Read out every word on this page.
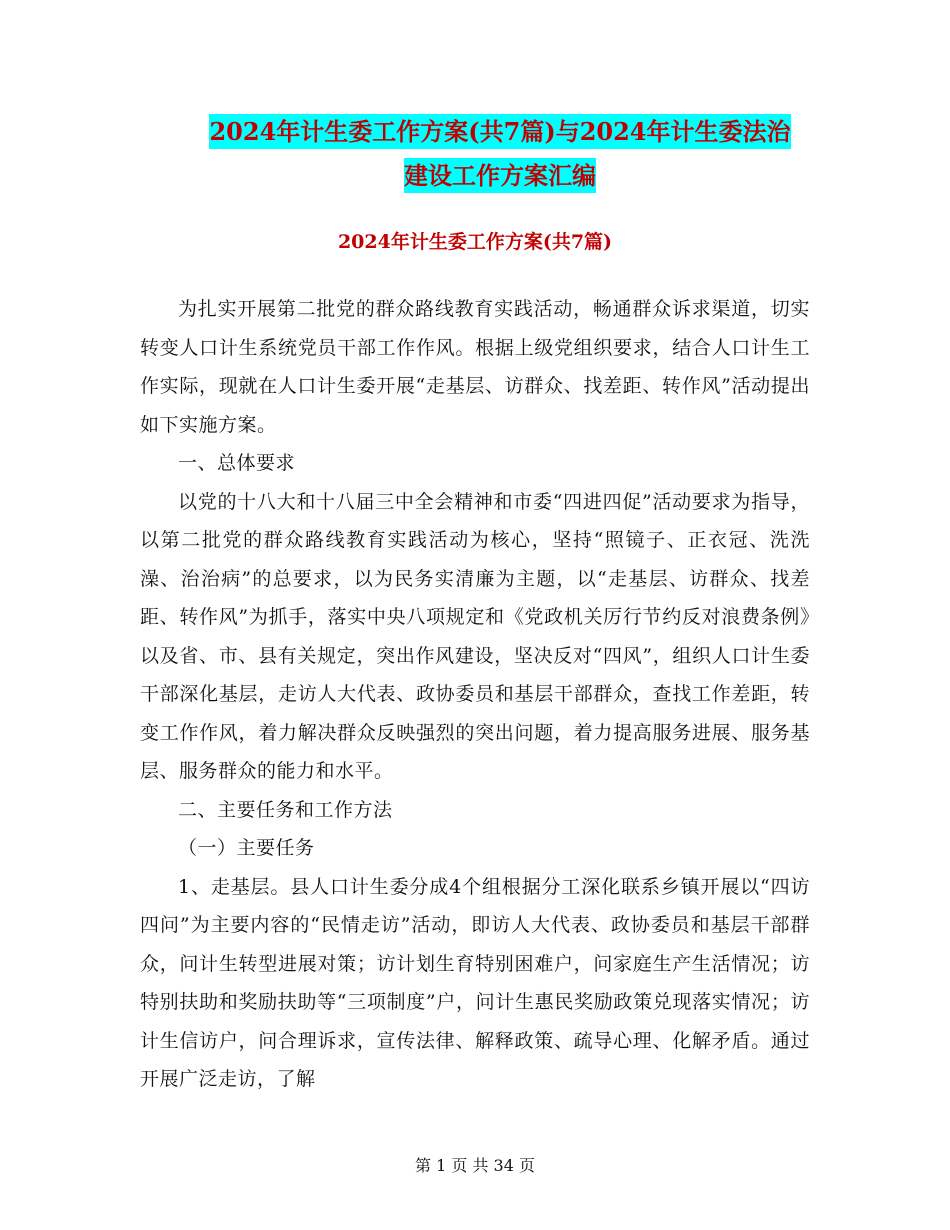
2024年计生委工作方案(共7篇)与2024年计生委法治
建设工作方案汇编
2024年计生委工作方案(共7篇)

为扎实开展第二批党的群众路线教育实践活动，畅通群众诉求渠道，切实转变人口计生系统党员干部工作作风。根据上级党组织要求，结合人口计生工作实际，现就在人口计生委开展“走基层、访群众、找差距、转作风”活动提出如下实施方案。

一、总体要求

以党的十八大和十八届三中全会精神和市委“四进四促”活动要求为指导，以第二批党的群众路线教育实践活动为核心，坚持“照镜子、正衣冠、洗洗澡、治治病”的总要求，以为民务实清廉为主题，以“走基层、访群众、找差距、转作风”为抓手，落实中央八项规定和《党政机关厉行节约反对浪费条例》以及省、市、县有关规定，突出作风建设，坚决反对“四风”，组织人口计生委干部深化基层，走访人大代表、政协委员和基层干部群众，查找工作差距，转变工作作风，着力解决群众反映强烈的突出问题，着力提高服务进展、服务基层、服务群众的能力和水平。

二、主要任务和工作方法

（一）主要任务

1、走基层。县人口计生委分成4个组根据分工深化联系乡镇开展以“四访四问”为主要内容的“民情走访”活动，即访人大代表、政协委员和基层干部群众，问计生转型进展对策；访计划生育特别困难户，问家庭生产生活情况；访特别扶助和奖励扶助等“三项制度”户，问计生惠民奖励政策兑现落实情况；访计生信访户，问合理诉求，宣传法律、解释政策、疏导心理、化解矛盾。通过开展广泛走访，了解

第 1 页 共 34 页
